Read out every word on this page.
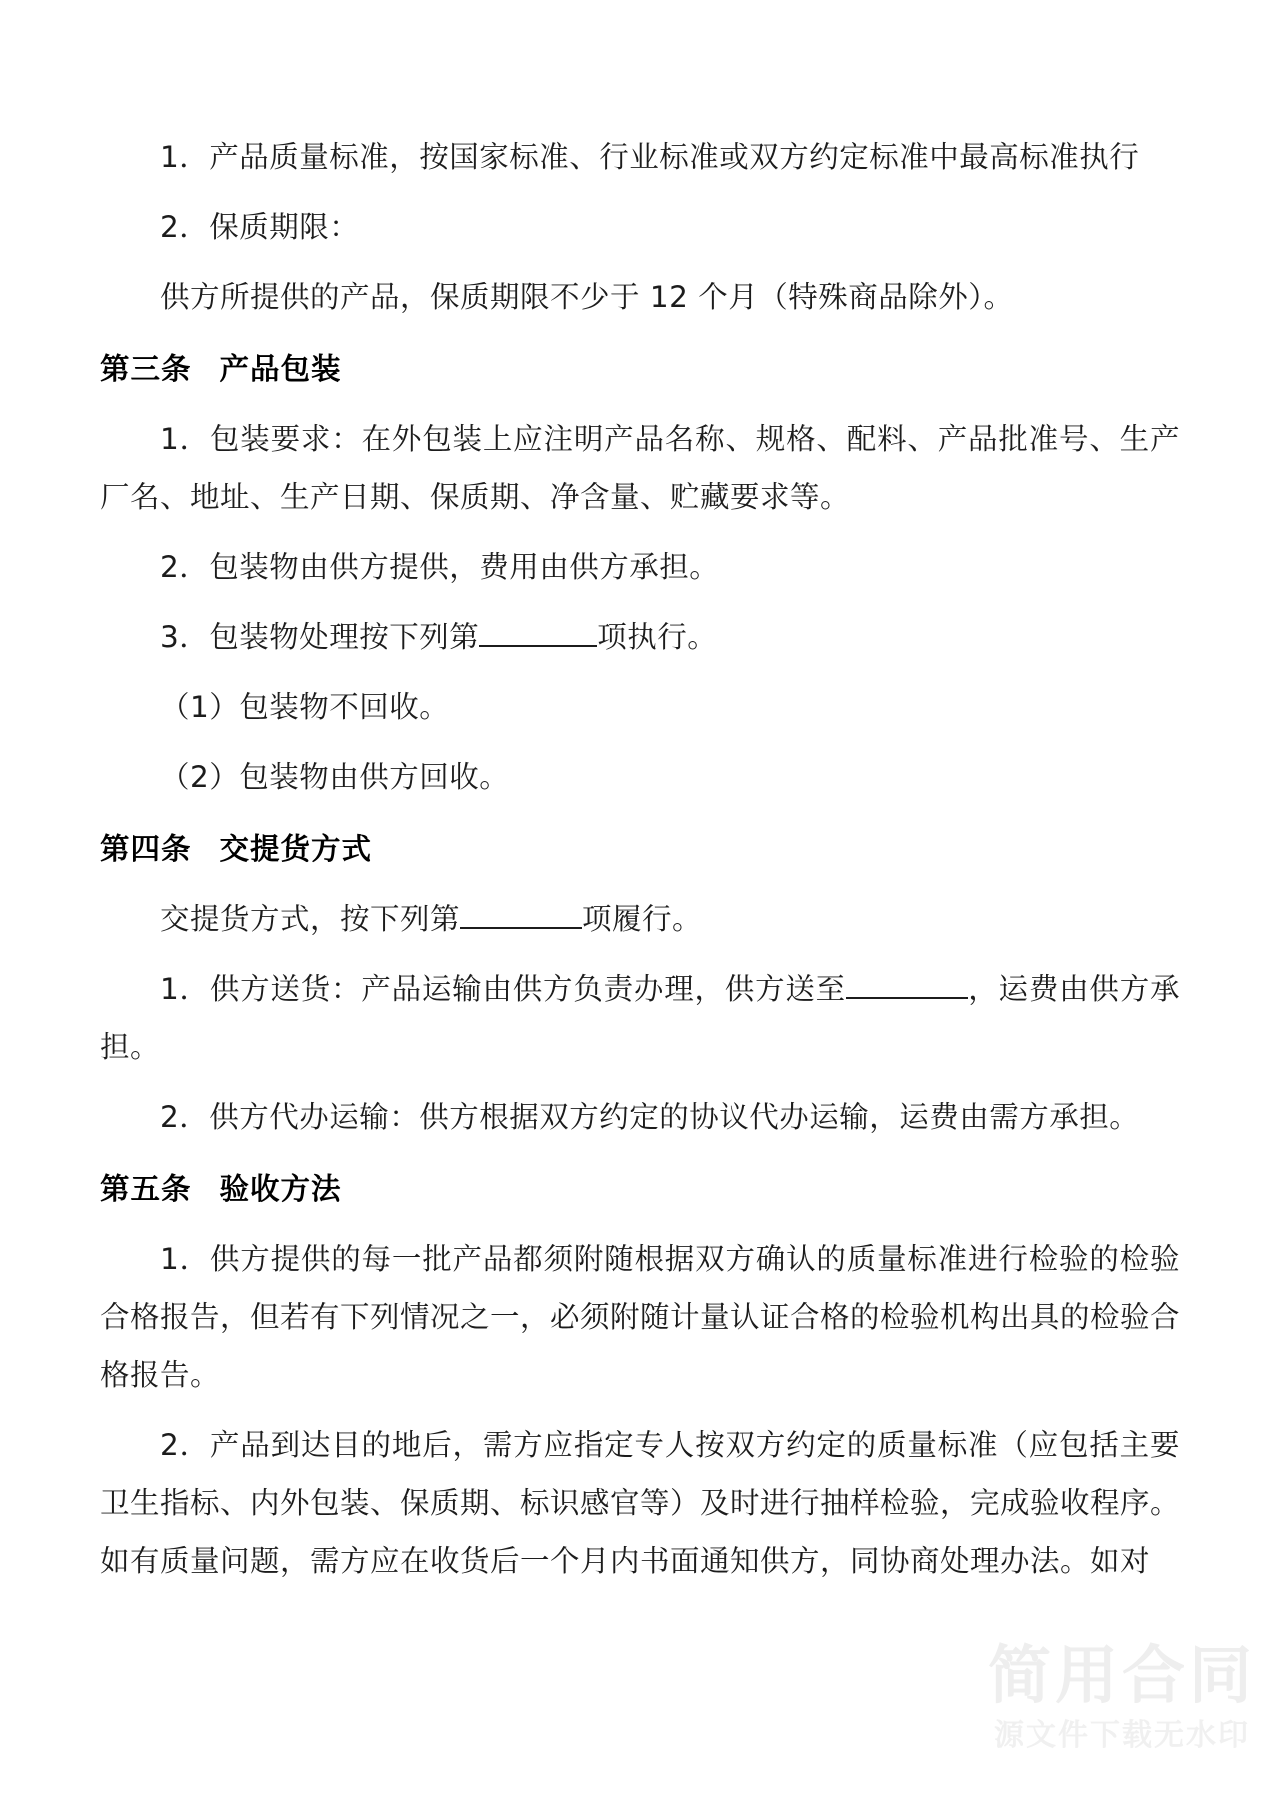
1．产品质量标准，按国家标准、行业标准或双方约定标准中最高标准执行

2．保质期限：

供方所提供的产品，保质期限不少于 12 个月（特殊商品除外）。

第三条 产品包装

1．包装要求：在外包装上应注明产品名称、规格、配料、产品批准号、生产厂名、地址、生产日期、保质期、净含量、贮藏要求等。

2．包装物由供方提供，费用由供方承担。

3．包装物处理按下列第	项执行。

（1）包装物不回收。

（2）包装物由供方回收。

第四条 交提货方式

交提货方式，按下列第	项履行。

1．供方送货：产品运输由供方负责办理，供方送至	，运费由供方承担。

2．供方代办运输：供方根据双方约定的协议代办运输，运费由需方承担。

第五条 验收方法

1．供方提供的每一批产品都须附随根据双方确认的质量标准进行检验的检验合格报告，但若有下列情况之一，必须附随计量认证合格的检验机构出具的检验合格报告。

2．产品到达目的地后，需方应指定专人按双方约定的质量标准（应包括主要卫生指标、内外包装、保质期、标识感官等）及时进行抽样检验，完成验收程序。如有质量问题，需方应在收货后一个月内书面通知供方，同协商处理办法。如对

简用合同
源文件下载无水印
